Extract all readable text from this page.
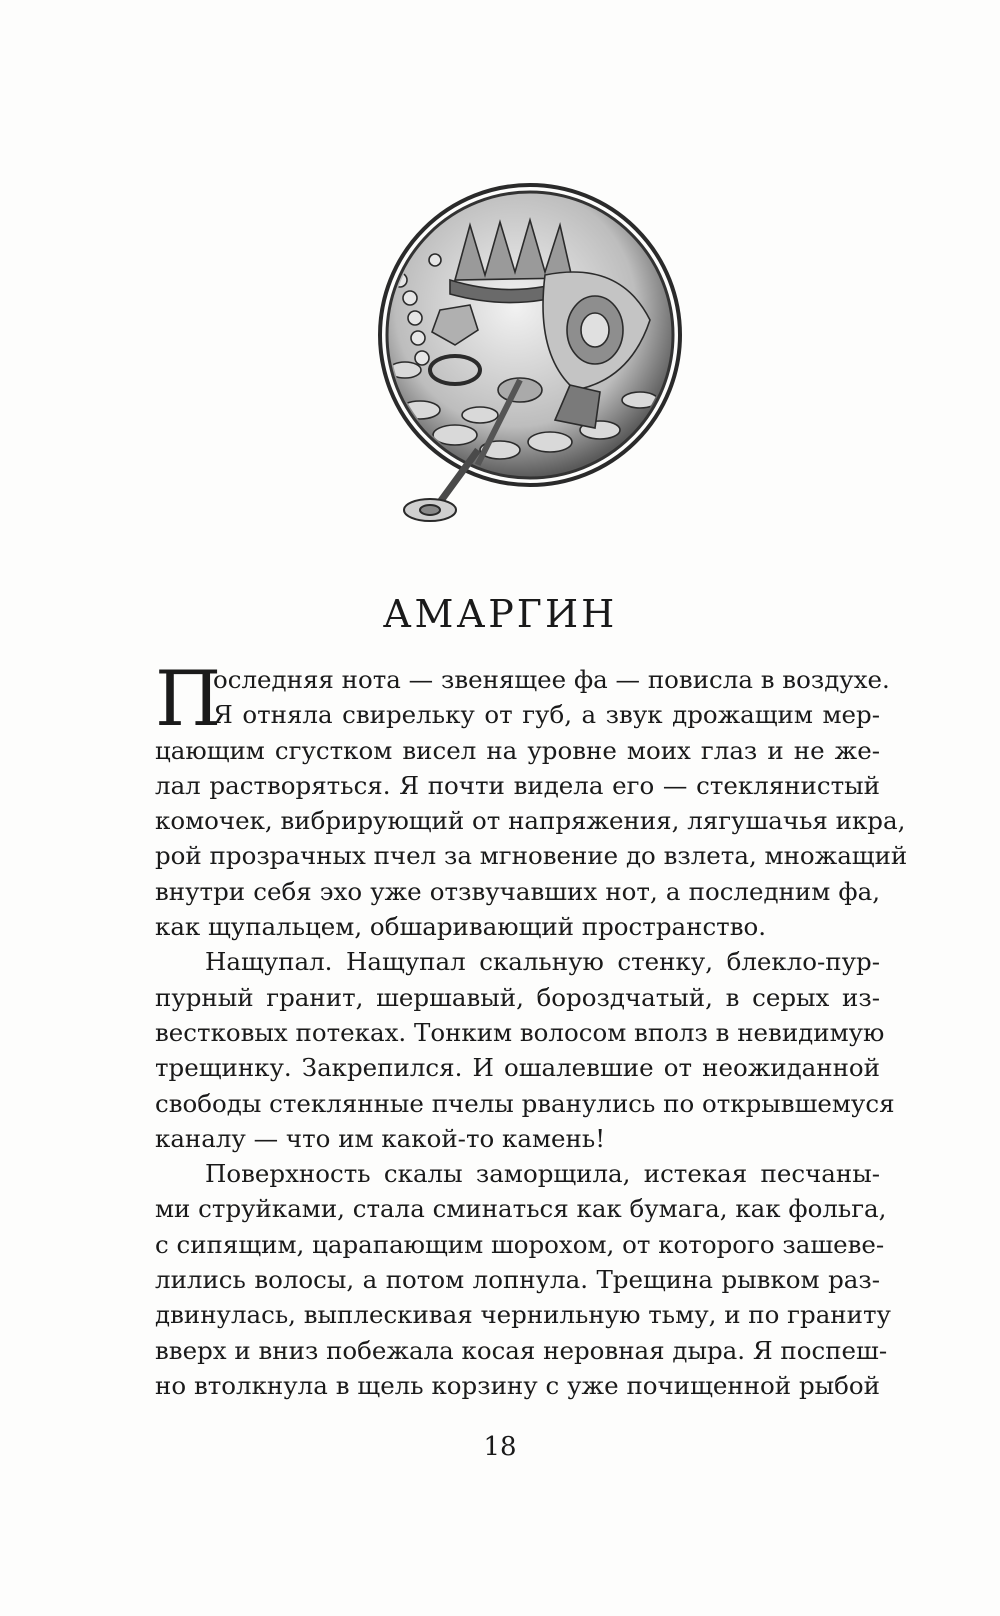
АМАРГИН
П
оследняя нота — звенящее фа — повисла в воздухе.
Я отняла свирельку от губ, а звук дрожащим мер-
цающим сгустком висел на уровне моих глаз и не же-
лал растворяться. Я почти видела его — стеклянистый
комочек, вибрирующий от напряжения, лягушачья икра,
рой прозрачных пчел за мгновение до взлета, множащий
внутри себя эхо уже отзвучавших нот, а последним фа,
как щупальцем, обшаривающий пространство.
Нащупал. Нащупал скальную стенку, блекло-пур-
пурный гранит, шершавый, бороздчатый, в серых из-
вестковых потеках. Тонким волосом вполз в невидимую
трещинку. Закрепился. И ошалевшие от неожиданной
свободы стеклянные пчелы рванулись по открывшемуся
каналу — что им какой-то камень!
Поверхность скалы заморщила, истекая песчаны-
ми струйками, стала сминаться как бумага, как фольга,
с сипящим, царапающим шорохом, от которого зашеве-
лились волосы, а потом лопнула. Трещина рывком раз-
двинулась, выплескивая чернильную тьму, и по граниту
вверх и вниз побежала косая неровная дыра. Я поспеш-
но втолкнула в щель корзину с уже почищенной рыбой
18
